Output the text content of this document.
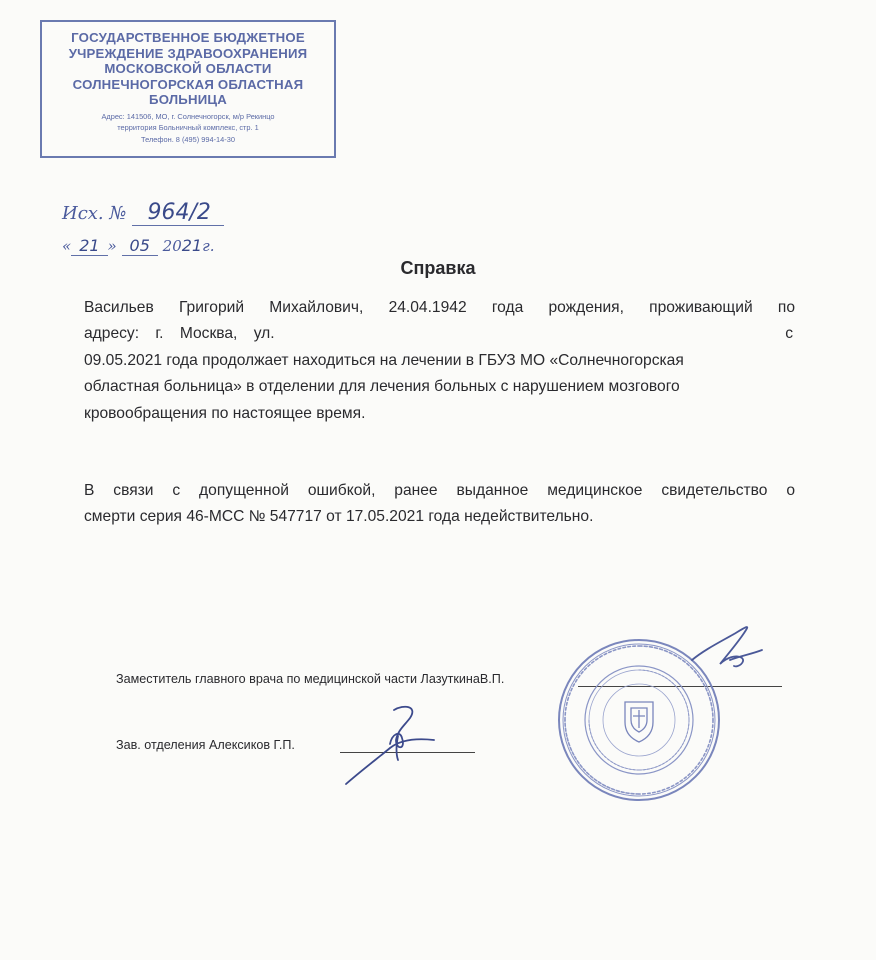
ГОСУДАРСТВЕННОЕ БЮДЖЕТНОЕ
УЧРЕЖДЕНИЕ ЗДРАВООХРАНЕНИЯ
МОСКОВСКОЙ ОБЛАСТИ
СОЛНЕЧНОГОРСКАЯ ОБЛАСТНАЯ
БОЛЬНИЦА
Адрес: 141506, МО, г. Солнечногорск, м/р Рекинцо
территория Больничный комплекс, стр. 1
Телефон. 8 (495) 994-14-30
Исх. № 964/2
« 21 » 05 2021г.
Справка
Васильев Григорий Михайлович, 24.04.1942 года рождения, проживающий по
адресу: г. Москва, ул.	с
09.05.2021 года продолжает находиться на лечении в ГБУЗ МО «Солнечногорская
областная больница» в отделении для лечения больных с нарушением мозгового
кровообращения по настоящее время.
В связи с допущенной ошибкой, ранее выданное медицинское свидетельство о
смерти серия 46-МСС № 547717 от 17.05.2021 года недействительно.
Заместитель главного врача по медицинской части ЛазуткинаВ.П.
Зав. отделения Алексиков Г.П.
